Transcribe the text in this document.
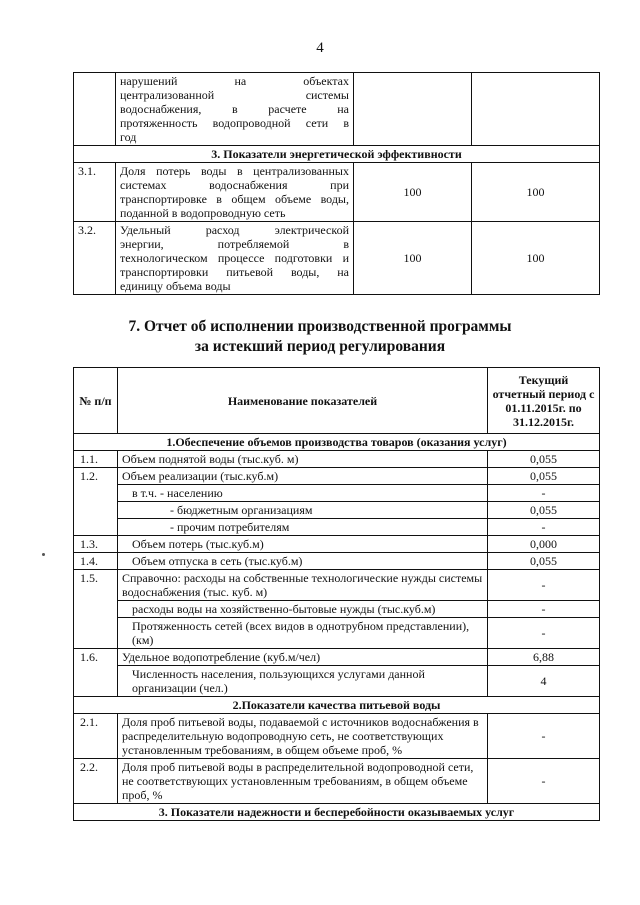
4

	нарушений на объектах
централизованной системы
водоснабжения, в расчете на
протяженность водопроводной сети в
год		

3. Показатели энергетической эффективности			
3.1.	Доля потерь воды в централизованных
системах водоснабжения при
транспортировке в общем объеме воды,
поданной в водопроводную сеть	100	100
3.2.	Удельный расход электрической
энергии, потребляемой в
технологическом процессе подготовки и
транспортировки питьевой воды, на
единицу объема воды	100	100
7. Отчет об исполнении производственной программы
за истекший период регулирования
№ п/п	Наименование показателей	Текущий отчетный период с 01.11.2015г. по 31.12.2015г.
1.Обеспечение объемов производства товаров (оказания услуг)		
1.1.	Объем поднятой воды (тыс.куб. м)	0,055
1.2.	Объем реализации (тыс.куб.м)	0,055
	в т.ч. - населению	-
	- бюджетным организациям	0,055
	- прочим потребителям	-
1.3.	Объем потерь (тыс.куб.м)	0,000
1.4.	Объем отпуска в сеть (тыс.куб.м)	0,055
1.5.	Справочно: расходы на собственные технологические нужды системы водоснабжения (тыс. куб. м)	-
	расходы воды на хозяйственно-бытовые нужды (тыс.куб.м)	-
	Протяженность сетей (всех видов в однотрубном представлении), (км)	-
1.6.	Удельное водопотребление (куб.м/чел)	6,88
	Численность населения, пользующихся услугами данной организации (чел.)	4
2.Показатели качества питьевой воды		
2.1.	Доля проб питьевой воды, подаваемой с источников водоснабжения в распределительную водопроводную сеть, не соответствующих установленным требованиям, в общем объеме проб, %	-
2.2.	Доля проб питьевой воды в распределительной водопроводной сети, не соответствующих установленным требованиям, в общем объеме проб, %	-
3. Показатели надежности и бесперебойности оказываемых услуг		
